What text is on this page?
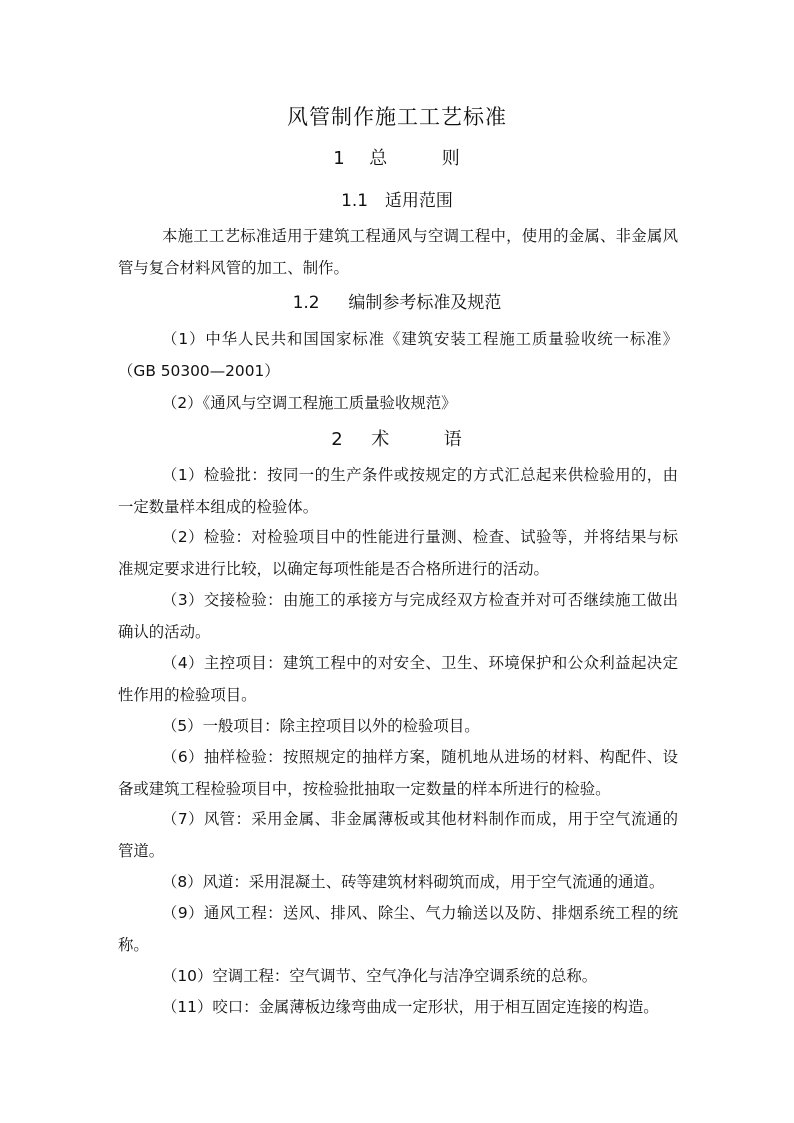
风管制作施工工艺标准
1 总	则
1.1 适用范围

本施工工艺标准适用于建筑工程通风与空调工程中，使用的金属、非金属风管与复合材料风管的加工、制作。

1.2 编制参考标准及规范

（1）中华人民共和国国家标准《建筑安装工程施工质量验收统一标准》（GB 50300—2001）

（2）《通风与空调工程施工质量验收规范》

2 术	语

（1）检验批：按同一的生产条件或按规定的方式汇总起来供检验用的，由一定数量样本组成的检验体。

（2）检验：对检验项目中的性能进行量测、检查、试验等，并将结果与标准规定要求进行比较，以确定每项性能是否合格所进行的活动。

（3）交接检验：由施工的承接方与完成经双方检查并对可否继续施工做出确认的活动。

（4）主控项目：建筑工程中的对安全、卫生、环境保护和公众利益起决定性作用的检验项目。

（5）一般项目：除主控项目以外的检验项目。

（6）抽样检验：按照规定的抽样方案，随机地从进场的材料、构配件、设备或建筑工程检验项目中，按检验批抽取一定数量的样本所进行的检验。

（7）风管：采用金属、非金属薄板或其他材料制作而成，用于空气流通的管道。

（8）风道：采用混凝土、砖等建筑材料砌筑而成，用于空气流通的通道。

（9）通风工程：送风、排风、除尘、气力输送以及防、排烟系统工程的统称。

（10）空调工程：空气调节、空气净化与洁净空调系统的总称。

（11）咬口：金属薄板边缘弯曲成一定形状，用于相互固定连接的构造。
